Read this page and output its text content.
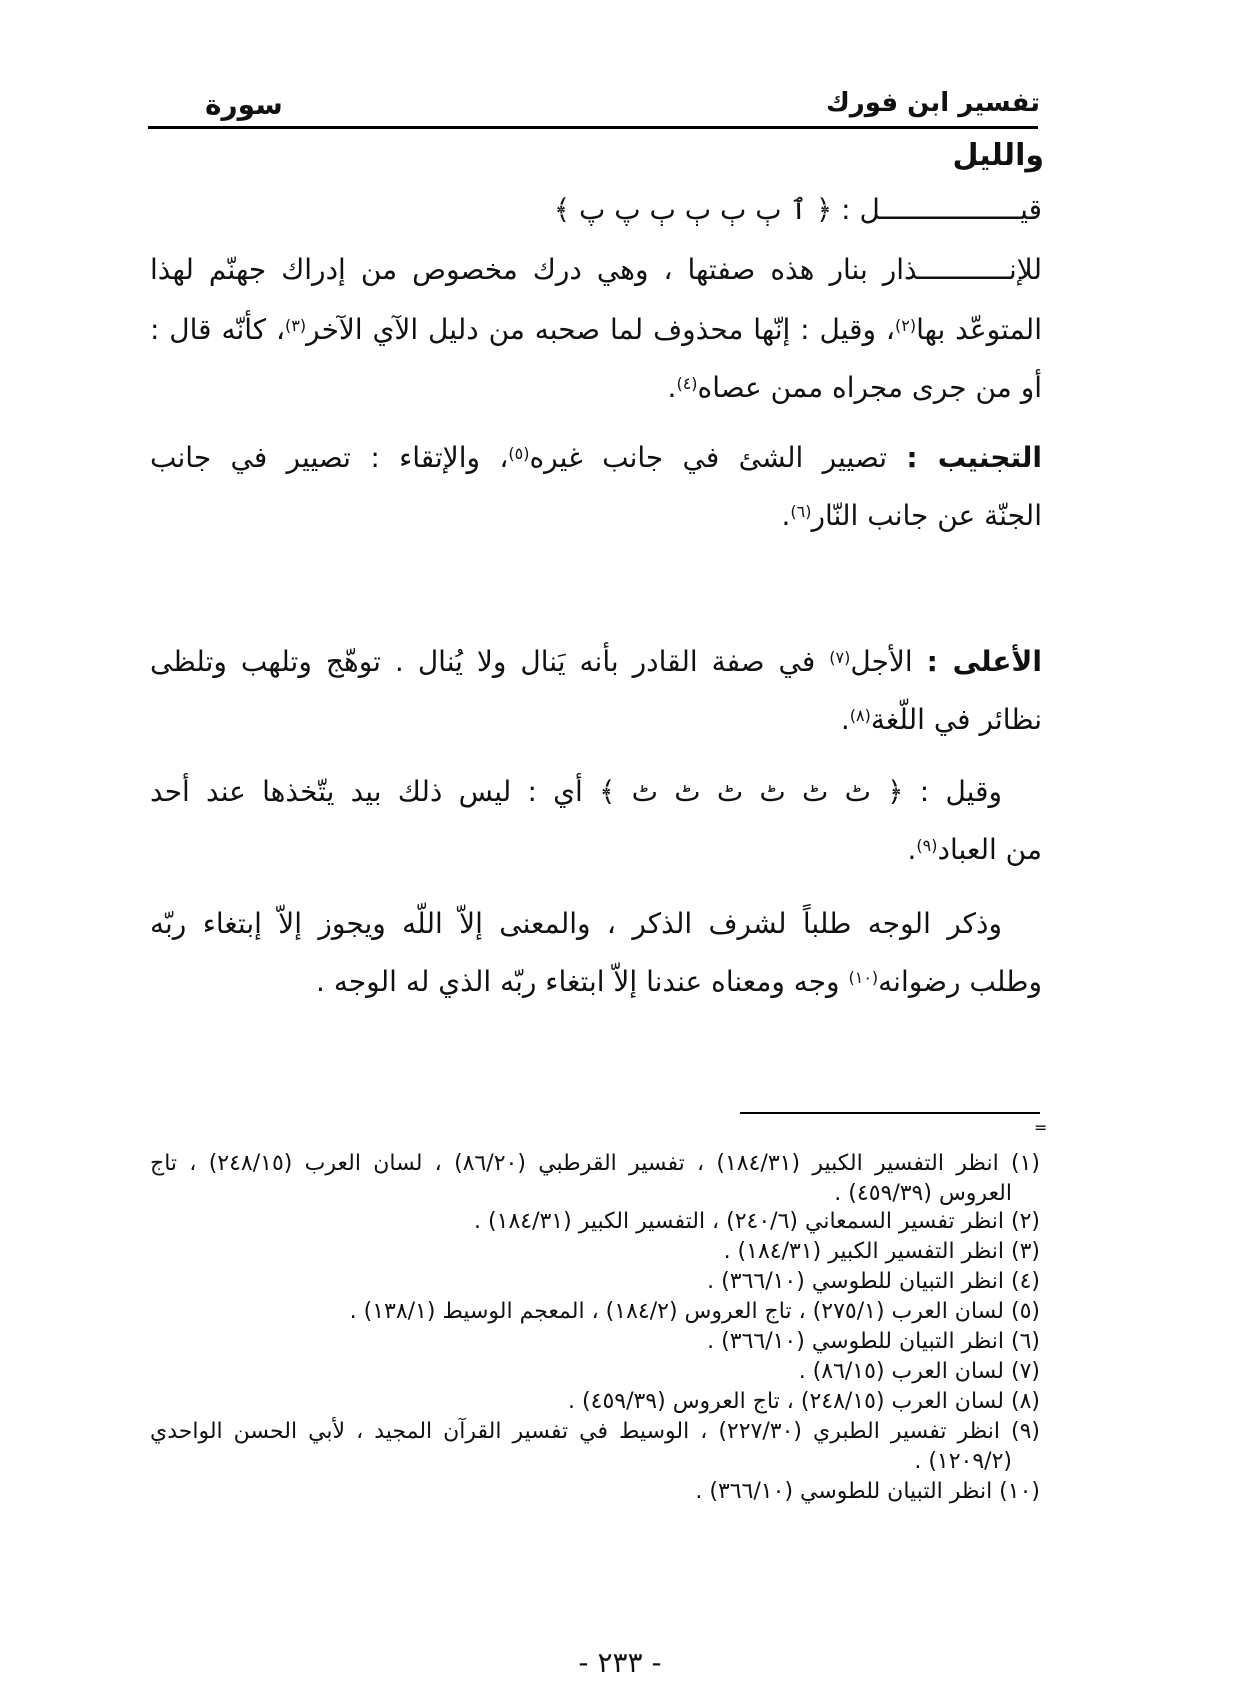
تفسير ابن فورك
سورة
والليل
قيـــــــــــــــــل : ﴿ ٱ ٻ ٻ ٻ ٻ پ پ ﴾
للإنـــــــــــذار بنار هذه صفتها ، وهي درك مخصوص من إدراك جهنّم لهذا
المتوعّد بها$^{(٢)}$، وقيل : إنّها محذوف لما صحبه من دليل الآي الآخر$^{(٣)}$، كأنّه قال :
أو من جرى مجراه ممن عصاه$^{(٤)}$.
التجنيب : تصيير الشئ في جانب غيره$^{(٥)}$، والإتقاء : تصيير في جانب
الجنّة عن جانب النّار$^{(٦)}$.
الأعلى : الأجل$^{(٧)}$ في صفة القادر بأنه يَنال ولا يُنال . توهّج وتلهب وتلظى
نظائر في اللّغة$^{(٨)}$.
وقيل : ﴿ ٹ ٹ ٹ ٹ ٹ ٹ ﴾ أي : ليس ذلك بيد يتّخذها عند أحد
من العباد$^{(٩)}$.
وذكر الوجه طلباً لشرف الذكر ، والمعنى إلاّ اللّه ويجوز إلاّ إبتغاء ربّه
وطلب رضوانه$^{(١٠)}$ وجه ومعناه عندنا إلاّ ابتغاء ربّه الذي له الوجه .
=
(١) انظر التفسير الكبير (١٨٤/٣١) ، تفسير القرطبي (٨٦/٢٠) ، لسان العرب (٢٤٨/١٥) ، تاج
العروس (٤٥٩/٣٩) .
(٢) انظر تفسير السمعاني (٢٤٠/٦) ، التفسير الكبير (١٨٤/٣١) .
(٣) انظر التفسير الكبير (١٨٤/٣١) .
(٤) انظر التبيان للطوسي (٣٦٦/١٠) .
(٥) لسان العرب (٢٧٥/١) ، تاج العروس (١٨٤/٢) ، المعجم الوسيط (١٣٨/١) .
(٦) انظر التبيان للطوسي (٣٦٦/١٠) .
(٧) لسان العرب (٨٦/١٥) .
(٨) لسان العرب (٢٤٨/١٥) ، تاج العروس (٤٥٩/٣٩) .
(٩) انظر تفسير الطبري (٢٢٧/٣٠) ، الوسيط في تفسير القرآن المجيد ، لأبي الحسن الواحدي
(١٢٠٩/٢) .
(١٠) انظر التبيان للطوسي (٣٦٦/١٠) .
- ٢٣٣ -
